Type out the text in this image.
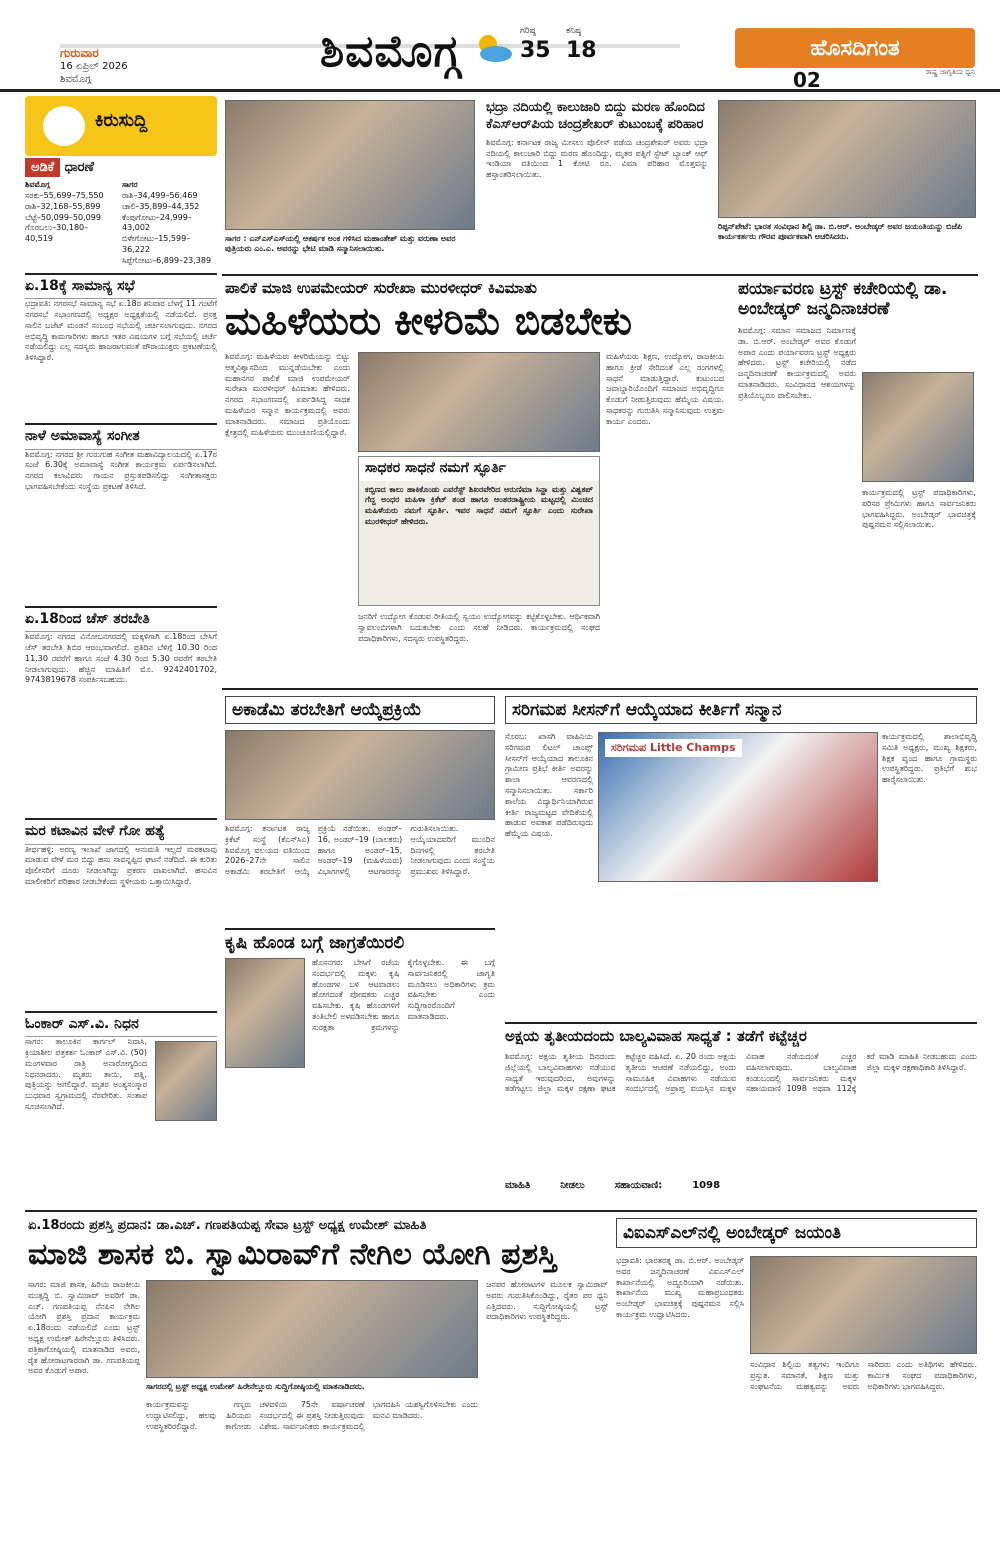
ಗುರುವಾರ
16 ಏಪ್ರಿಲ್ 2026
ಶಿವಮೊಗ್ಗ
ಶಿವಮೊಗ್ಗ	ಗರಿಷ್ಠ
35
ಕನಿಷ್ಠ
18	ಹೊಸದಿಗಂತ
ರಾಷ್ಟ್ರ ಜಾಗೃತಿಯ ಧ್ವನಿ
02
ಕಿರುಸುದ್ದಿ
ಅಡಿಕೆ ಧಾರಣೆ
ಶಿವಮೊಗ್ಗ
ಸರಕು–55,699–75,550
ರಾಶಿ–32,168–55,899
ಬೆಟ್ಟೆ–50,099–50,099
ಗೊರಬಲು–30,180–40,519
ಸಾಗರ
ರಾಶಿ–34,499–56,469
ಚಾಲಿ–35,899–44,352
ಕೆಂಪುಗೋಟು–24,999–43,002
ಬಿಳೇಗೋಟು–15,599–36,222
ಸಿಪ್ಪೆಗೋಟು–6,899–23,389
ಏ.18ಕ್ಕೆ ಸಾಮಾನ್ಯ ಸಭೆ
ಭದ್ರಾವತಿ: ನಗರಸಭೆ ಸಾಮಾನ್ಯ ಸಭೆ ಏ.18ರ ಶನಿವಾರ ಬೆಳಗ್ಗೆ 11 ಗಂಟೆಗೆ ನಗರಸಭೆ ಸಭಾಂಗಣದಲ್ಲಿ ಅಧ್ಯಕ್ಷರ ಅಧ್ಯಕ್ಷತೆಯಲ್ಲಿ ನಡೆಯಲಿದೆ. ಪ್ರಸಕ್ತ ಸಾಲಿನ ಬಜೆಟ್ ಮಂಡನೆ ಸಂಬಂಧ ಸಭೆಯಲ್ಲಿ ಚರ್ಚಿಸಲಾಗುವುದು. ನಗರದ ಅಭಿವೃದ್ಧಿ ಕಾಮಗಾರಿಗಳು ಹಾಗೂ ಇತರ ವಿಷಯಗಳ ಬಗ್ಗೆ ಸಭೆಯಲ್ಲಿ ಚರ್ಚೆ ನಡೆಯಲಿದ್ದು ಎಲ್ಲ ಸದಸ್ಯರು ಹಾಜರಾಗುವಂತೆ ಪೌರಾಯುಕ್ತರು ಪ್ರಕಟಣೆಯಲ್ಲಿ ತಿಳಿಸಿದ್ದಾರೆ.
ನಾಳೆ ಅಮಾವಾಸ್ಯೆ ಸಂಗೀತ
ಶಿವಮೊಗ್ಗ: ನಗರದ ಶ್ರೀ ಗುರುಗುಹ ಸಂಗೀತ ಮಹಾವಿದ್ಯಾಲಯದಲ್ಲಿ ಏ.17ರ ಸಂಜೆ 6.30ಕ್ಕೆ ಅಮಾವಾಸ್ಯೆ ಸಂಗೀತ ಕಾರ್ಯಕ್ರಮ ಏರ್ಪಡಿಸಲಾಗಿದೆ. ನಗರದ ಕಲಾವಿದರು ಗಾಯನ ಪ್ರಸ್ತುತಪಡಿಸಲಿದ್ದು ಸಂಗೀತಾಸಕ್ತರು ಭಾಗವಹಿಸಬೇಕೆಂದು ಸಂಸ್ಥೆಯ ಪ್ರಕಟಣೆ ತಿಳಿಸಿದೆ.
ಏ.18ರಿಂದ ಚೆಸ್ ತರಬೇತಿ
ಶಿವಮೊಗ್ಗ: ನಗರದ ವಿನೋಬನಗರದಲ್ಲಿ ಮಕ್ಕಳಿಗಾಗಿ ಏ.18ರಿಂದ ಬೇಸಿಗೆ ಚೆಸ್ ತರಬೇತಿ ಶಿಬಿರ ಆರಂಭವಾಗಲಿದೆ. ಪ್ರತಿದಿನ ಬೆಳಿಗ್ಗೆ 10.30 ರಿಂದ 11.30 ರವರೆಗೆ ಹಾಗೂ ಸಂಜೆ 4.30 ರಿಂದ 5.30 ರವರೆಗೆ ತರಬೇತಿ ನೀಡಲಾಗುವುದು. ಹೆಚ್ಚಿನ ಮಾಹಿತಿಗೆ ಮೊ. 9242401702, 9743819678 ಸಂಪರ್ಕಿಸಬಹುದು.
ಮರ ಕಟಾವಿನ ವೇಳೆ ಗೋ ಹತ್ಯೆ
ತೀರ್ಥಹಳ್ಳಿ: ಅರಣ್ಯ ಇಲಾಖೆ ಜಾಗದಲ್ಲಿ ಅನುಮತಿ ಇಲ್ಲದೆ ಮರಕಟಾವು ಮಾಡುವ ವೇಳೆ ಮರ ಬಿದ್ದು ಹಸು ಸಾವನ್ನಪ್ಪಿದ ಘಟನೆ ನಡೆದಿದೆ. ಈ ಕುರಿತು ಪೊಲೀಸರಿಗೆ ದೂರು ನೀಡಲಾಗಿದ್ದು ಪ್ರಕರಣ ದಾಖಲಾಗಿದೆ. ಹಸುವಿನ ಮಾಲೀಕರಿಗೆ ಪರಿಹಾರ ನೀಡಬೇಕೆಂದು ಸ್ಥಳೀಯರು ಒತ್ತಾಯಿಸಿದ್ದಾರೆ.
ಓಂಕಾರ್ ಎಸ್.ವಿ. ನಿಧನ
ಸಾಗರ: ತಾಲೂಕಿನ ಕಾರ್ಗಲ್ ನಿವಾಸಿ, ಕ್ರಿಯಾಶೀಲ ಪತ್ರಕರ್ತ ಓಂಕಾರ್ ಎಸ್.ವಿ. (50) ಮಂಗಳವಾರ ರಾತ್ರಿ ಅನಾರೋಗ್ಯದಿಂದ ನಿಧನರಾದರು. ಮೃತರು ತಾಯಿ, ಪತ್ನಿ, ಪುತ್ರಿಯನ್ನು ಅಗಲಿದ್ದಾರೆ. ಮೃತರ ಅಂತ್ಯಸಂಸ್ಕಾರ ಬುಧವಾರ ಸ್ವಗ್ರಾಮದಲ್ಲಿ ನೆರವೇರಿತು. ಸಂತಾಪ ಸೂಚಿಸಲಾಗಿದೆ.
ಸಾಗರ : ಎನ್‌ಎಸ್‌ಎಸ್‌ಯಲ್ಲಿ ಆಕರ್ಷಕ ಅಂಕ ಗಳಿಸಿದ ಮಹಾಂತೇಶ್ ಮತ್ತು ವರುಣಾ ಅವರ ಪುತ್ರಿಯರು ಎಂ.ಎ. ಅವರನ್ನು ಭೇಟಿ ಮಾಡಿ ಸನ್ಮಾನಿಸಲಾಯಿತು.
ಭದ್ರಾ ನದಿಯಲ್ಲಿ ಕಾಲುಜಾರಿ ಬಿದ್ದು ಮರಣ ಹೊಂದಿದ ಕೆಎಸ್‌ಆರ್‌ಪಿಯ ಚಂದ್ರಶೇಖರ್ ಕುಟುಂಬಕ್ಕೆ ಪರಿಹಾರ
ಶಿವಮೊಗ್ಗ: ಕರ್ನಾಟಕ ರಾಜ್ಯ ಮೀಸಲು ಪೊಲೀಸ್ ಪಡೆಯ ಚಂದ್ರಶೇಖರ್ ಅವರು ಭದ್ರಾ ನದಿಯಲ್ಲಿ ಕಾಲುಜಾರಿ ಬಿದ್ದು ಮರಣ ಹೊಂದಿದ್ದು, ಮೃತರ ಪತ್ನಿಗೆ ಸ್ಟೇಟ್ ಬ್ಯಾಂಕ್ ಆಫ್ ಇಂಡಿಯಾ ವತಿಯಿಂದ 1 ಕೋಟಿ ರೂ. ವಿಮಾ ಪರಿಹಾರ ಮೊತ್ತವನ್ನು ಹಸ್ತಾಂತರಿಸಲಾಯಿತು.
ರಿಪ್ಪನ್‌ಪೇಟೆ: ಭಾರತ ಸಂವಿಧಾನ ಶಿಲ್ಪಿ ಡಾ. ಬಿ.ಆರ್. ಅಂಬೇಡ್ಕರ್ ಅವರ ಜಯಂತಿಯನ್ನು ಬಿಜೆಪಿ ಕಾರ್ಯಕರ್ತರು ಗೌರವ ಪೂರ್ವಕವಾಗಿ ಆಚರಿಸಿದರು.
ಪಾಲಿಕೆ ಮಾಜಿ ಉಪಮೇಯರ್ ಸುರೇಖಾ ಮುರಳೀಧರ್ ಕಿವಿಮಾತು
ಮಹಿಳೆಯರು ಕೀಳರಿಮೆ ಬಿಡಬೇಕು
ಶಿವಮೊಗ್ಗ: ಮಹಿಳೆಯರು ಕೀಳರಿಮೆಯನ್ನು ಬಿಟ್ಟು ಆತ್ಮವಿಶ್ವಾಸದಿಂದ ಮುನ್ನಡೆಯಬೇಕು ಎಂದು ಮಹಾನಗರ ಪಾಲಿಕೆ ಮಾಜಿ ಉಪಮೇಯರ್ ಸುರೇಖಾ ಮುರಳೀಧರ್ ಕಿವಿಮಾತು ಹೇಳಿದರು. ನಗರದ ಸಭಾಂಗಣದಲ್ಲಿ ಏರ್ಪಡಿಸಿದ್ದ ಸಾಧಕ ಮಹಿಳೆಯರ ಸನ್ಮಾನ ಕಾರ್ಯಕ್ರಮದಲ್ಲಿ ಅವರು ಮಾತನಾಡಿದರು. ಸಮಾಜದ ಪ್ರತಿಯೊಂದು ಕ್ಷೇತ್ರದಲ್ಲಿ ಮಹಿಳೆಯರು ಮುಂಚೂಣಿಯಲ್ಲಿದ್ದಾರೆ.
ಮಹಿಳೆಯರು ಶಿಕ್ಷಣ, ಉದ್ಯೋಗ, ರಾಜಕೀಯ ಹಾಗೂ ಕ್ರೀಡೆ ಸೇರಿದಂತೆ ಎಲ್ಲ ರಂಗಗಳಲ್ಲಿ ಸಾಧನೆ ಮಾಡುತ್ತಿದ್ದಾರೆ. ಕುಟುಂಬದ ಜವಾಬ್ದಾರಿಯೊಂದಿಗೆ ಸಮಾಜದ ಅಭಿವೃದ್ಧಿಗೂ ಕೊಡುಗೆ ನೀಡುತ್ತಿರುವುದು ಹೆಮ್ಮೆಯ ವಿಷಯ. ಸಾಧಕರನ್ನು ಗುರುತಿಸಿ ಸನ್ಮಾನಿಸುವುದು ಉತ್ತಮ ಕಾರ್ಯ ಎಂದರು.
ಸಾಧಕರ ಸಾಧನೆ ನಮಗೆ ಸ್ಫೂರ್ತಿ
ಕಬ್ಬಿಣದ ಕಾಲು ಹಾಕಿಕೊಂಡು ಎವರೆಸ್ಟ್ ಶಿಖರವೇರಿದ ಅರುಣಿಮಾ ಸಿನ್ಹಾ ಮತ್ತು ವಿಶ್ವಕಪ್ ಗೆದ್ದ ಅಂಧರ ಮಹಿಳಾ ಕ್ರಿಕೆಟ್ ತಂಡ ಹಾಗೂ ಅಂತರರಾಷ್ಟ್ರೀಯ ಮಟ್ಟದಲ್ಲಿ ಮಿಂಚಿದ ಮಹಿಳೆಯರು ನಮಗೆ ಸ್ಫೂರ್ತಿ. ಇವರ ಸಾಧನೆ ನಮಗೆ ಸ್ಫೂರ್ತಿ ಎಂದು ಸುರೇಖಾ ಮುರಳೀಧರ್ ಹೇಳಿದರು.
ಜನರಿಗೆ ಉದ್ಯೋಗ ಕೊಡುವ ರೀತಿಯಲ್ಲಿ ಸ್ವಯಂ ಉದ್ಯೋಗವನ್ನು ಕಟ್ಟಿಕೊಳ್ಳಬೇಕು. ಆರ್ಥಿಕವಾಗಿ ಸ್ವಾವಲಂಬಿಗಳಾಗಿ ಬದುಕಬೇಕು ಎಂದು ಸಲಹೆ ನೀಡಿದರು. ಕಾರ್ಯಕ್ರಮದಲ್ಲಿ ಸಂಘದ ಪದಾಧಿಕಾರಿಗಳು, ಸದಸ್ಯರು ಉಪಸ್ಥಿತರಿದ್ದರು.
ಪರ್ಯಾವರಣ ಟ್ರಸ್ಟ್ ಕಚೇರಿಯಲ್ಲಿ ಡಾ. ಅಂಬೇಡ್ಕರ್ ಜನ್ಮದಿನಾಚರಣೆ
ಶಿವಮೊಗ್ಗ: ಸಮಾನ ಸಮಾಜದ ನಿರ್ಮಾಣಕ್ಕೆ ಡಾ. ಬಿ.ಆರ್. ಅಂಬೇಡ್ಕರ್ ಅವರ ಕೊಡುಗೆ ಅಪಾರ ಎಂದು ಪರ್ಯಾವರಣ ಟ್ರಸ್ಟ್ ಅಧ್ಯಕ್ಷರು ಹೇಳಿದರು. ಟ್ರಸ್ಟ್ ಕಚೇರಿಯಲ್ಲಿ ನಡೆದ ಜನ್ಮದಿನಾಚರಣೆ ಕಾರ್ಯಕ್ರಮದಲ್ಲಿ ಅವರು ಮಾತನಾಡಿದರು. ಸಂವಿಧಾನದ ಆಶಯಗಳನ್ನು ಪ್ರತಿಯೊಬ್ಬರೂ ಪಾಲಿಸಬೇಕು.
ಕಾರ್ಯಕ್ರಮದಲ್ಲಿ ಟ್ರಸ್ಟ್ ಪದಾಧಿಕಾರಿಗಳು, ಪರಿಸರ ಪ್ರೇಮಿಗಳು ಹಾಗೂ ಸಾರ್ವಜನಿಕರು ಭಾಗವಹಿಸಿದ್ದರು. ಅಂಬೇಡ್ಕರ್ ಭಾವಚಿತ್ರಕ್ಕೆ ಪುಷ್ಪನಮನ ಸಲ್ಲಿಸಲಾಯಿತು.
ಅಕಾಡೆಮಿ ತರಬೇತಿಗೆ ಆಯ್ಕೆಪ್ರಕ್ರಿಯೆ
ಶಿವಮೊಗ್ಗ: ಕರ್ನಾಟಕ ರಾಜ್ಯ ಕ್ರಿಕೆಟ್ ಸಂಸ್ಥೆ (ಕೆಎಸ್‌ಸಿಎ) ಶಿವಮೊಗ್ಗ ವಲಯದ ವತಿಯಿಂದ 2026–27ನೇ ಸಾಲಿನ ಅಕಾಡೆಮಿ ತರಬೇತಿಗೆ ಆಯ್ಕೆ ಪ್ರಕ್ರಿಯೆ ನಡೆಯಿತು. ಅಂಡರ್–16, ಅಂಡರ್–19 (ಬಾಲಕರು) ಹಾಗೂ ಅಂಡರ್–15, ಅಂಡರ್–19 (ಮಹಿಳೆಯರು) ವಿಭಾಗಗಳಲ್ಲಿ ಆಟಗಾರರನ್ನು ಗುರುತಿಸಲಾಯಿತು. ಆಯ್ಕೆಯಾದವರಿಗೆ ಮುಂದಿನ ದಿನಗಳಲ್ಲಿ ತರಬೇತಿ ನೀಡಲಾಗುವುದು ಎಂದು ಸಂಸ್ಥೆಯ ಪ್ರಮುಖರು ತಿಳಿಸಿದ್ದಾರೆ.
ಕೃಷಿ ಹೊಂಡ ಬಗ್ಗೆ ಜಾಗ್ರತೆಯಿರಲಿ
ಹೊಸನಗರ: ಬೇಸಿಗೆ ರಜೆಯ ಸಂದರ್ಭದಲ್ಲಿ ಮಕ್ಕಳು ಕೃಷಿ ಹೊಂಡಗಳ ಬಳಿ ಆಟವಾಡಲು ಹೋಗದಂತೆ ಪೋಷಕರು ಎಚ್ಚರ ವಹಿಸಬೇಕು. ಕೃಷಿ ಹೊಂಡಗಳಿಗೆ ತಂತಿಬೇಲಿ ಅಳವಡಿಸಬೇಕು ಹಾಗೂ ಸುರಕ್ಷತಾ ಕ್ರಮಗಳನ್ನು ಕೈಗೊಳ್ಳಬೇಕು. ಈ ಬಗ್ಗೆ ಸಾರ್ವಜನಿಕರಲ್ಲಿ ಜಾಗೃತಿ ಮೂಡಿಸಲು ಅಧಿಕಾರಿಗಳು ಕ್ರಮ ವಹಿಸಬೇಕು ಎಂದು ಸುದ್ದಿಗಾರರೊಂದಿಗೆ ಮಾತನಾಡಿದರು.
ಸರಿಗಮಪ ಸೀಸನ್‌ಗೆ ಆಯ್ಕೆಯಾದ ಕೀರ್ತಿಗೆ ಸನ್ಮಾನ
ಸೊರಬ: ಖಾಸಗಿ ವಾಹಿನಿಯ ಸರಿಗಮಪ ಲಿಟಲ್ ಚಾಂಪ್ಸ್ ಸೀಸನ್‌ಗೆ ಆಯ್ಕೆಯಾದ ತಾಲೂಕಿನ ಗ್ರಾಮೀಣ ಪ್ರತಿಭೆ ಕೀರ್ತಿ ಅವರನ್ನು ಶಾಲಾ ಆವರಣದಲ್ಲಿ ಸನ್ಮಾನಿಸಲಾಯಿತು. ಸರ್ಕಾರಿ ಶಾಲೆಯ ವಿದ್ಯಾರ್ಥಿನಿಯಾಗಿರುವ ಕೀರ್ತಿ ರಾಜ್ಯಮಟ್ಟದ ವೇದಿಕೆಯಲ್ಲಿ ಹಾಡುವ ಅವಕಾಶ ಪಡೆದಿರುವುದು ಹೆಮ್ಮೆಯ ವಿಷಯ.
ಸರಿಗಮಪ Little Champs
ಕಾರ್ಯಕ್ರಮದಲ್ಲಿ ಶಾಲಾಭಿವೃದ್ಧಿ ಸಮಿತಿ ಅಧ್ಯಕ್ಷರು, ಮುಖ್ಯ ಶಿಕ್ಷಕರು, ಶಿಕ್ಷಕ ವೃಂದ ಹಾಗೂ ಗ್ರಾಮಸ್ಥರು ಉಪಸ್ಥಿತರಿದ್ದರು. ಪ್ರತಿಭೆಗೆ ಶುಭ ಹಾರೈಸಲಾಯಿತು.
ಅಕ್ಷಯ ತೃತೀಯದಂದು ಬಾಲ್ಯವಿವಾಹ ಸಾಧ್ಯತೆ : ತಡೆಗೆ ಕಟ್ಟೆಚ್ಚರ
ಶಿವಮೊಗ್ಗ: ಅಕ್ಷಯ ತೃತೀಯ ದಿನದಂದು ಜಿಲ್ಲೆಯಲ್ಲಿ ಬಾಲ್ಯವಿವಾಹಗಳು ನಡೆಯುವ ಸಾಧ್ಯತೆ ಇರುವುದರಿಂದ, ಅವುಗಳನ್ನು ತಡೆಗಟ್ಟಲು ಜಿಲ್ಲಾ ಮಕ್ಕಳ ರಕ್ಷಣಾ ಘಟಕ ಕಟ್ಟೆಚ್ಚರ ವಹಿಸಿದೆ. ಏ. 20 ರಂದು ಅಕ್ಷಯ ತೃತೀಯ ಆಚರಣೆ ನಡೆಯಲಿದ್ದು, ಅಂದು ಸಾಮೂಹಿಕ ವಿವಾಹಗಳು ನಡೆಯುವ ಸಂದರ್ಭದಲ್ಲಿ ಅಪ್ರಾಪ್ತ ವಯಸ್ಸಿನ ಮಕ್ಕಳ ವಿವಾಹ ನಡೆಯದಂತೆ ಎಚ್ಚರ ವಹಿಸಲಾಗುವುದು. ಬಾಲ್ಯವಿವಾಹ ಕಂಡುಬಂದಲ್ಲಿ ಸಾರ್ವಜನಿಕರು ಮಕ್ಕಳ ಸಹಾಯವಾಣಿ 1098 ಅಥವಾ 112ಕ್ಕೆ ಕರೆ ಮಾಡಿ ಮಾಹಿತಿ ನೀಡಬಹುದು ಎಂದು ಜಿಲ್ಲಾ ಮಕ್ಕಳ ರಕ್ಷಣಾಧಿಕಾರಿ ತಿಳಿಸಿದ್ದಾರೆ.
ಮಾಹಿತಿ	ನೀಡಲು	ಸಹಾಯವಾಣಿ:	1098
ಏ.18ರಂದು ಪ್ರಶಸ್ತಿ ಪ್ರದಾನ: ಡಾ.ಎಚ್. ಗಣಪತಿಯಪ್ಪ ಸೇವಾ ಟ್ರಸ್ಟ್ ಅಧ್ಯಕ್ಷ ಉಮೇಶ್ ಮಾಹಿತಿ
ಮಾಜಿ ಶಾಸಕ ಬಿ. ಸ್ವಾಮಿರಾವ್‌ಗೆ ನೇಗಿಲ ಯೋಗಿ ಪ್ರಶಸ್ತಿ
ಸಾಗರ: ಮಾಜಿ ಶಾಸಕ, ಹಿರಿಯ ರಾಜಕೀಯ ಮುತ್ಸದ್ದಿ ಬಿ. ಸ್ವಾಮಿರಾವ್ ಅವರಿಗೆ ಡಾ. ಎಚ್. ಗಣಪತಿಯಪ್ಪ ನೆನಪಿನ ನೇಗಿಲ ಯೋಗಿ ಪ್ರಶಸ್ತಿ ಪ್ರದಾನ ಕಾರ್ಯಕ್ರಮ ಏ.18ರಂದು ನಡೆಯಲಿದೆ ಎಂದು ಟ್ರಸ್ಟ್ ಅಧ್ಯಕ್ಷ ಉಮೇಶ್ ಹಿರೇನೆಲ್ಲೂರು ತಿಳಿಸಿದರು. ಪತ್ರಿಕಾಗೋಷ್ಠಿಯಲ್ಲಿ ಮಾತನಾಡಿದ ಅವರು, ರೈತ ಹೋರಾಟಗಾರರಾಗಿ ಡಾ. ಗಣಪತಿಯಪ್ಪ ಅವರ ಕೊಡುಗೆ ಅಪಾರ.
ಸಾಗರದಲ್ಲಿ ಟ್ರಸ್ಟ್ ಅಧ್ಯಕ್ಷ ಉಮೇಶ್ ಹಿರೇನೆಲ್ಲೂರು ಸುದ್ದಿಗೋಷ್ಠಿಯಲ್ಲಿ ಮಾತನಾಡಿದರು.
ಕಾರ್ಯಕ್ರಮವನ್ನು ಗಣ್ಯರು ಉದ್ಘಾಟಿಸಲಿದ್ದು, ಹಲವು ಹಿರಿಯರು ಉಪಸ್ಥಿತರಿರಲಿದ್ದಾರೆ. ಕಾಗೋಡು ಚಳವಳಿಯ 75ನೇ ವರ್ಷಾಚರಣೆ ಸಂದರ್ಭದಲ್ಲಿ ಈ ಪ್ರಶಸ್ತಿ ನೀಡುತ್ತಿರುವುದು ವಿಶೇಷ. ಸಾರ್ವಜನಿಕರು ಕಾರ್ಯಕ್ರಮದಲ್ಲಿ ಭಾಗವಹಿಸಿ ಯಶಸ್ವಿಗೊಳಿಸಬೇಕು ಎಂದು ಮನವಿ ಮಾಡಿದರು.
ಜನಪರ ಹೋರಾಟಗಳ ಮೂಲಕ ಸ್ವಾಮಿರಾವ್ ಅವರು ಗುರುತಿಸಿಕೊಂಡಿದ್ದು, ರೈತರ ಪರ ಧ್ವನಿ ಎತ್ತಿದವರು. ಸುದ್ದಿಗೋಷ್ಠಿಯಲ್ಲಿ ಟ್ರಸ್ಟ್ ಪದಾಧಿಕಾರಿಗಳು ಉಪಸ್ಥಿತರಿದ್ದರು.
ವಿಐಎಸ್‌ಎಲ್‌ನಲ್ಲಿ ಅಂಬೇಡ್ಕರ್ ಜಯಂತಿ
ಭದ್ರಾವತಿ: ಭಾರತರತ್ನ ಡಾ. ಬಿ.ಆರ್. ಅಂಬೇಡ್ಕರ್ ಅವರ ಜನ್ಮದಿನಾಚರಣೆ ವಿಐಎಸ್‌ಎಲ್ ಕಾರ್ಖಾನೆಯಲ್ಲಿ ಅದ್ದೂರಿಯಾಗಿ ನಡೆಯಿತು. ಕಾರ್ಖಾನೆಯ ಮುಖ್ಯ ಮಹಾಪ್ರಬಂಧಕರು ಅಂಬೇಡ್ಕರ್ ಭಾವಚಿತ್ರಕ್ಕೆ ಪುಷ್ಪನಮನ ಸಲ್ಲಿಸಿ ಕಾರ್ಯಕ್ರಮ ಉದ್ಘಾಟಿಸಿದರು.
ಸಂವಿಧಾನ ಶಿಲ್ಪಿಯ ತತ್ವಗಳು ಇಂದಿಗೂ ಪ್ರಸ್ತುತ. ಸಮಾನತೆ, ಶಿಕ್ಷಣ ಮತ್ತು ಸಂಘಟನೆಯ ಮಹತ್ವವನ್ನು ಅವರು ಸಾರಿದರು ಎಂದು ಅತಿಥಿಗಳು ಹೇಳಿದರು. ಕಾರ್ಮಿಕ ಸಂಘದ ಪದಾಧಿಕಾರಿಗಳು, ಅಧಿಕಾರಿಗಳು ಭಾಗವಹಿಸಿದ್ದರು.
